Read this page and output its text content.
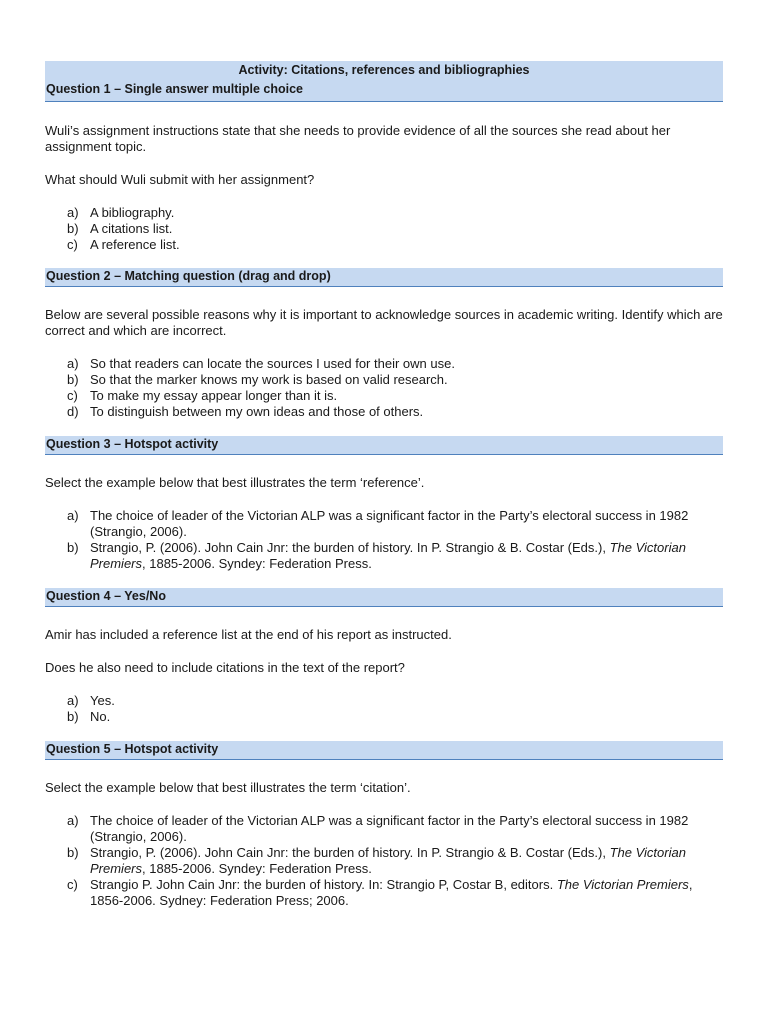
Activity: Citations, references and bibliographies
Question 1 – Single answer multiple choice

Wuli’s assignment instructions state that she needs to provide evidence of all the sources she read about her assignment topic.

What should Wuli submit with her assignment?

a) A bibliography.
b) A citations list.
c) A reference list.
Question 2 – Matching question (drag and drop)

Below are several possible reasons why it is important to acknowledge sources in academic writing. Identify which are correct and which are incorrect.

a) So that readers can locate the sources I used for their own use.
b) So that the marker knows my work is based on valid research.
c) To make my essay appear longer than it is.
d) To distinguish between my own ideas and those of others.
Question 3 – Hotspot activity

Select the example below that best illustrates the term ‘reference’.

a) The choice of leader of the Victorian ALP was a significant factor in the Party’s electoral success in 1982 (Strangio, 2006).
b) Strangio, P. (2006). John Cain Jnr: the burden of history. In P. Strangio & B. Costar (Eds.), The Victorian Premiers, 1885-2006. Syndey: Federation Press.
Question 4 – Yes/No

Amir has included a reference list at the end of his report as instructed.

Does he also need to include citations in the text of the report?

a) Yes.
b) No.
Question 5 – Hotspot activity

Select the example below that best illustrates the term ‘citation’.

a) The choice of leader of the Victorian ALP was a significant factor in the Party’s electoral success in 1982 (Strangio, 2006).
b) Strangio, P. (2006). John Cain Jnr: the burden of history. In P. Strangio & B. Costar (Eds.), The Victorian Premiers, 1885-2006. Syndey: Federation Press.
c) Strangio P. John Cain Jnr: the burden of history. In: Strangio P, Costar B, editors. The Victorian Premiers, 1856-2006. Sydney: Federation Press; 2006.
